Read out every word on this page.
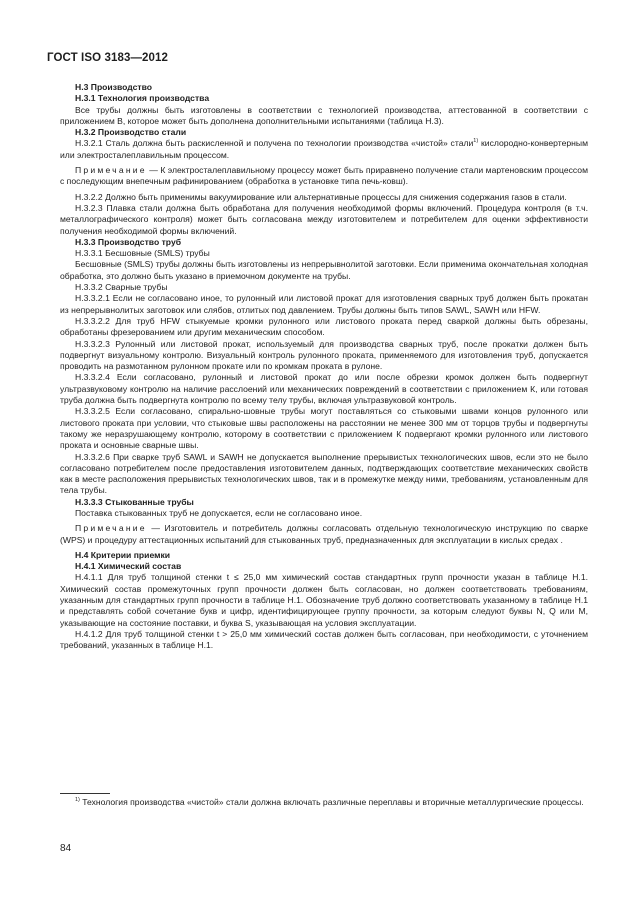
ГОСТ ISO 3183—2012

Н.3 Производство

Н.3.1 Технология производства

Все трубы должны быть изготовлены в соответствии с технологией производства, аттестованной в соответствии с приложением В, которое может быть дополнена дополнительными испытаниями (таблица Н.3).

Н.3.2 Производство стали

Н.3.2.1 Сталь должна быть раскисленной и получена по технологии производства «чистой» стали$^{1)}$ кислородно-конвертерным или электросталеплавильным процессом.

Примечание — К электросталеплавильному процессу может быть приравнено получение стали мартеновским процессом с последующим внепечным рафинированием (обработка в установке типа печь-ковш).

Н.3.2.2 Должно быть применимы вакуумирование или альтернативные процессы для снижения содержания газов в стали.

Н.3.2.3 Плавка стали должна быть обработана для получения необходимой формы включений. Процедура контроля (в т.ч. металлографического контроля) может быть согласована между изготовителем и потребителем для оценки эффективности получения необходимой формы включений.

Н.3.3 Производство труб

Н.3.3.1 Бесшовные (SMLS) трубы

Бесшовные (SMLS) трубы должны быть изготовлены из непрерывнолитой заготовки. Если применима окончательная холодная обработка, это должно быть указано в приемочном документе на трубы.

Н.3.3.2 Сварные трубы

Н.3.3.2.1 Если не согласовано иное, то рулонный или листовой прокат для изготовления сварных труб должен быть прокатан из непрерывнолитых заготовок или слябов, отлитых под давлением. Трубы должны быть типов SAWL, SAWH или HFW.

Н.3.3.2.2 Для труб HFW стыкуемые кромки рулонного или листового проката перед сваркой должны быть обрезаны, обработаны фрезерованием или другим механическим способом.

Н.3.3.2.3 Рулонный или листовой прокат, используемый для производства сварных труб, после прокатки должен быть подвергнут визуальному контролю. Визуальный контроль рулонного проката, применяемого для изготовления труб, допускается проводить на размотанном рулонном прокате или по кромкам проката в рулоне.

Н.3.3.2.4 Если согласовано, рулонный и листовой прокат до или после обрезки кромок должен быть подвергнут ультразвуковому контролю на наличие расслоений или механических повреждений в соответствии с приложением К, или готовая труба должна быть подвергнута контролю по всему телу трубы, включая ультразвуковой контроль.

Н.3.3.2.5 Если согласовано, спирально-шовные трубы могут поставляться со стыковыми швами концов рулонного или листового проката при условии, что стыковые швы расположены на расстоянии не менее 300 мм от торцов трубы и подвергнуты такому же неразрушающему контролю, которому в соответствии с приложением К подвергают кромки рулонного или листового проката и основные сварные швы.

Н.3.3.2.6 При сварке труб SAWL и SAWH не допускается выполнение прерывистых технологических швов, если это не было согласовано потребителем после предоставления изготовителем данных, подтверждающих соответствие механических свойств как в месте расположения прерывистых технологических швов, так и в промежутке между ними, требованиям, установленным для тела трубы.

Н.3.3.3 Стыкованные трубы

Поставка стыкованных труб не допускается, если не согласовано иное.

Примечание — Изготовитель и потребитель должны согласовать отдельную технологическую инструкцию по сварке (WPS) и процедуру аттестационных испытаний для стыкованных труб, предназначенных для эксплуатации в кислых средах .

Н.4 Критерии приемки

Н.4.1 Химический состав

Н.4.1.1 Для труб толщиной стенки t ≤ 25,0 мм химический состав стандартных групп прочности указан в таблице Н.1. Химический состав промежуточных групп прочности должен быть согласован, но должен соответствовать требованиям, указанным для стандартных групп прочности в таблице Н.1. Обозначение труб должно соответствовать указанному в таблице Н.1 и представлять собой сочетание букв и цифр, идентифицирующее группу прочности, за которым следуют буквы N, Q или M, указывающие на состояние поставки, и буква S, указывающая на условия эксплуатации.

Н.4.1.2 Для труб толщиной стенки t > 25,0 мм химический состав должен быть согласован, при необходимости, с уточнением требований, указанных в таблице Н.1.

$^{1)}$ Технология производства «чистой» стали должна включать различные переплавы и вторичные металлургические процессы.

84
